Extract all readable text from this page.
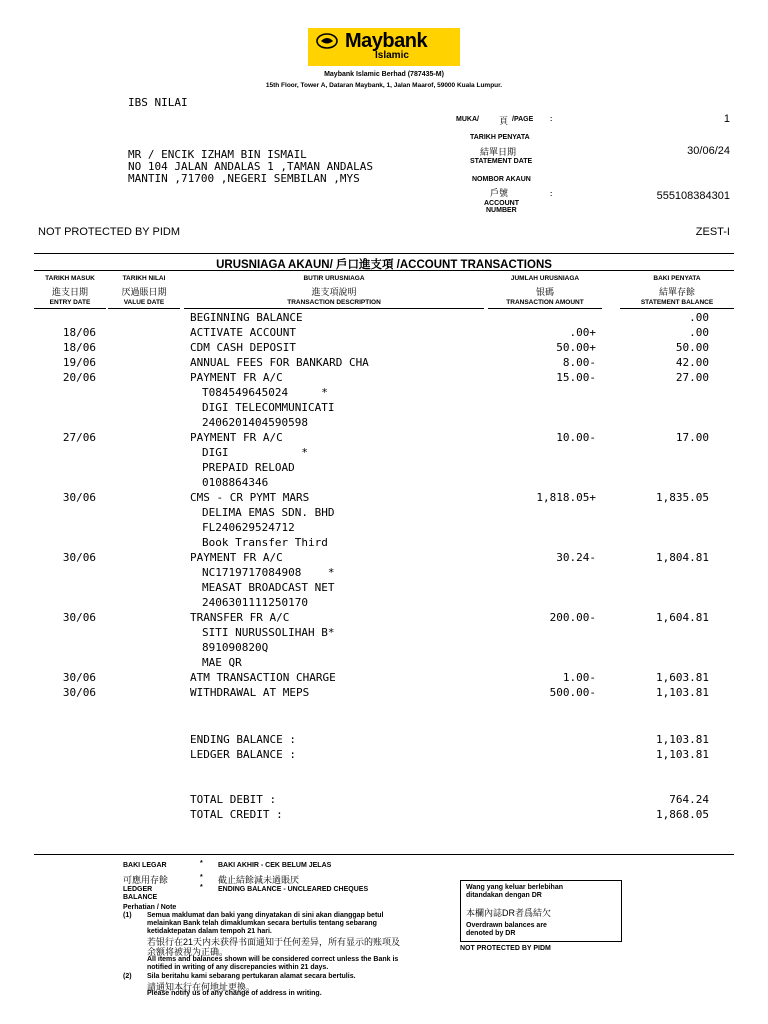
Maybank
Islamic
Maybank Islamic Berhad (787435-M)
15th Floor, Tower A, Dataran Maybank, 1, Jalan Maarof, 59000 Kuala Lumpur.
IBS NILAI
MR / ENCIK IZHAM BIN ISMAIL
NO 104 JALAN ANDALAS 1 ,TAMAN ANDALAS
MANTIN ,71700 ,NEGERI SEMBILAN ,MYS
MUKA/ 頁 /PAGE :	1
TARIKH PENYATA
結單日期
STATEMENT DATE
30/06/24
NOMBOR AKAUN
戶號
ACCOUNT
NUMBER
:	555108384301
NOT PROTECTED BY PIDM	ZEST-I
URUSNIAGA AKAUN/ 戶口進支項 /ACCOUNT TRANSACTIONS
TARIKH MASUK
進支日期
ENTRY DATE
TARIKH NILAI
厌過賬日期
VALUE DATE
BUTIR URUSNIAGA
進支項說明
TRANSACTION DESCRIPTION
JUMLAH URUSNIAGA
银碼
TRANSACTION AMOUNT
BAKI PENYATA
結單存餘
STATEMENT BALANCE
BEGINNING BALANCE	.00
18/06	ACTIVATE ACCOUNT	.00+	.00
18/06	CDM CASH DEPOSIT	50.00+	50.00
19/06	ANNUAL FEES FOR BANKARD CHA	8.00-	42.00
20/06	PAYMENT FR A/C	15.00-	27.00
T084549645024     *
DIGI TELECOMMUNICATI
2406201404590598
27/06	PAYMENT FR A/C	10.00-	17.00
DIGI           *
PREPAID RELOAD
0108864346
30/06	CMS - CR PYMT MARS	1,818.05+	1,835.05
DELIMA EMAS SDN. BHD
FL240629524712
Book Transfer Third
30/06	PAYMENT FR A/C	30.24-	1,804.81
NC1719717084908    *
MEASAT BROADCAST NET
2406301111250170
30/06	TRANSFER FR A/C	200.00-	1,604.81
SITI NURUSSOLIHAH B*
891090820Q
MAE QR
30/06	ATM TRANSACTION CHARGE	1.00-	1,603.81
30/06	WITHDRAWAL AT MEPS	500.00-	1,103.81
ENDING BALANCE :	1,103.81
LEDGER BALANCE :	1,103.81
TOTAL DEBIT :	764.24
TOTAL CREDIT :	1,868.05
BAKI LEGAR	* BAKI AKHIR - CEK BELUM JELAS
可應用存餘	* 截止結餘減未過賬厌
LEDGER	* ENDING BALANCE - UNCLEARED CHEQUES
BALANCE
Perhatian / Note
(1) Semua maklumat dan baki yang dinyatakan di sini akan dianggap betul
melainkan Bank telah dimaklumkan secara bertulis tentang sebarang
ketidaktepatan dalam tempoh 21 hari.
若银行在21天内未获得书面通知于任何差异，所有显示的账项及
余额将被视为正确。
All items and balances shown will be considered correct unless the Bank is
notified in writing of any discrepancies within 21 days.
(2) Sila beritahu kami sebarang pertukaran alamat secara bertulis.
請通知本行在何地址更換。
Please notify us of any change of address in writing.
Wang yang keluar berlebihan
ditandakan dengan DR
本欄內誌DR者爲結欠
Overdrawn balances are
denoted by DR
NOT PROTECTED BY PIDM
